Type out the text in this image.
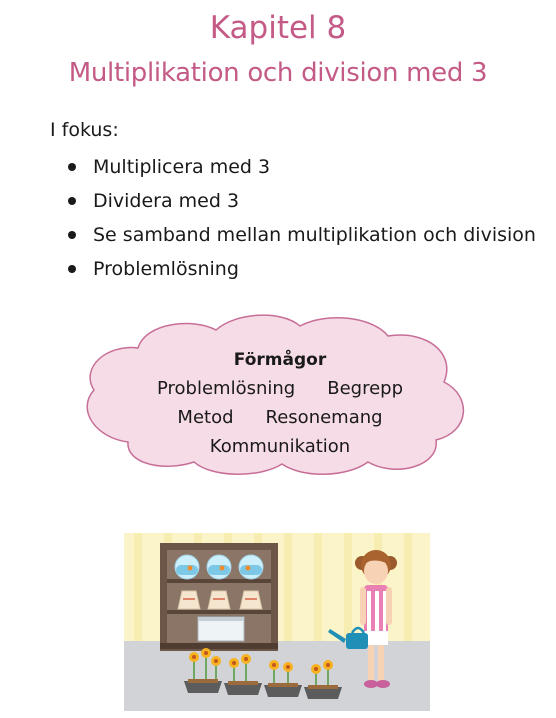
Kapitel 8
Multiplikation och division med 3
I fokus:
Multiplicera med 3
Dividera med 3
Se samband mellan multiplikation och division
Problemlösning
Förmågor
Problemlösning Begrepp
Metod Resonemang
Kommunikation
